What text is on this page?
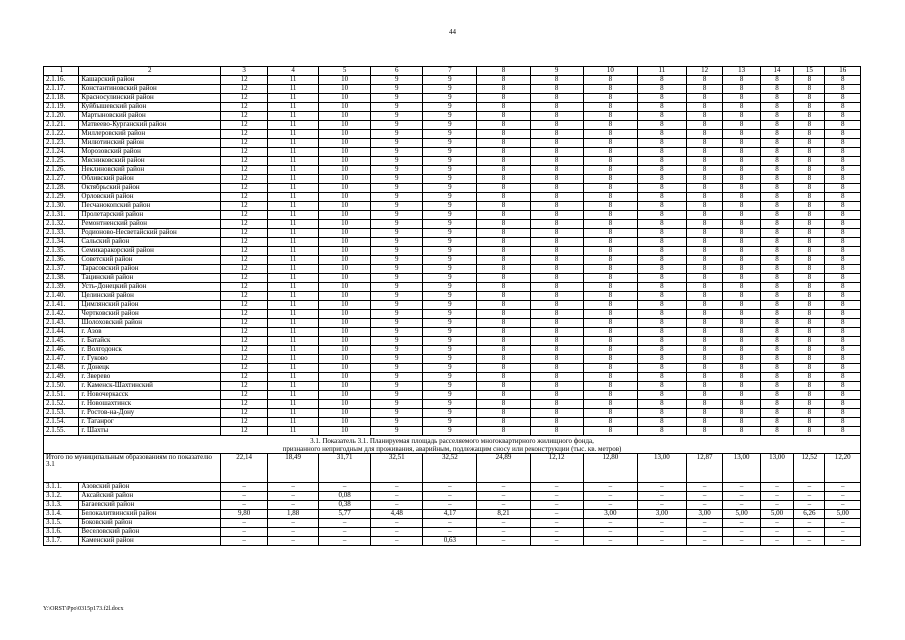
44
1	2	3	4	5	6	7	8	9	10	11	12	13	14	15	16
2.1.16.	Кашарский район	12	11	10	9	9	8	8	8	8	8	8	8	8	8
2.1.17.	Константиновский район	12	11	10	9	9	8	8	8	8	8	8	8	8	8
2.1.18.	Красносулинский район	12	11	10	9	9	8	8	8	8	8	8	8	8	8
2.1.19.	Куйбышевский район	12	11	10	9	9	8	8	8	8	8	8	8	8	8
2.1.20.	Мартыновский район	12	11	10	9	9	8	8	8	8	8	8	8	8	8
2.1.21.	Матвеево-Курганский район	12	11	10	9	9	8	8	8	8	8	8	8	8	8
2.1.22.	Миллеровский район	12	11	10	9	9	8	8	8	8	8	8	8	8	8
2.1.23.	Милютинский район	12	11	10	9	9	8	8	8	8	8	8	8	8	8
2.1.24.	Морозовский район	12	11	10	9	9	8	8	8	8	8	8	8	8	8
2.1.25.	Мясниковский район	12	11	10	9	9	8	8	8	8	8	8	8	8	8
2.1.26.	Неклиновский район	12	11	10	9	9	8	8	8	8	8	8	8	8	8
2.1.27.	Обливский район	12	11	10	9	9	8	8	8	8	8	8	8	8	8
2.1.28.	Октябрьский район	12	11	10	9	9	8	8	8	8	8	8	8	8	8
2.1.29.	Орловский район	12	11	10	9	9	8	8	8	8	8	8	8	8	8
2.1.30.	Песчанокопский район	12	11	10	9	9	8	8	8	8	8	8	8	8	8
2.1.31.	Пролетарский район	12	11	10	9	9	8	8	8	8	8	8	8	8	8
2.1.32.	Ремонтненский район	12	11	10	9	9	8	8	8	8	8	8	8	8	8
2.1.33.	Родионово-Несветайский район	12	11	10	9	9	8	8	8	8	8	8	8	8	8
2.1.34.	Сальский район	12	11	10	9	9	8	8	8	8	8	8	8	8	8
2.1.35.	Семикаракорский район	12	11	10	9	9	8	8	8	8	8	8	8	8	8
2.1.36.	Советский район	12	11	10	9	9	8	8	8	8	8	8	8	8	8
2.1.37.	Тарасовский район	12	11	10	9	9	8	8	8	8	8	8	8	8	8
2.1.38.	Тацинский район	12	11	10	9	9	8	8	8	8	8	8	8	8	8
2.1.39.	Усть-Донецкий район	12	11	10	9	9	8	8	8	8	8	8	8	8	8
2.1.40.	Целинский район	12	11	10	9	9	8	8	8	8	8	8	8	8	8
2.1.41.	Цимлянский район	12	11	10	9	9	8	8	8	8	8	8	8	8	8
2.1.42.	Чертковский район	12	11	10	9	9	8	8	8	8	8	8	8	8	8
2.1.43.	Шолоховский район	12	11	10	9	9	8	8	8	8	8	8	8	8	8
2.1.44.	г. Азов	12	11	10	9	9	8	8	8	8	8	8	8	8	8
2.1.45.	г. Батайск	12	11	10	9	9	8	8	8	8	8	8	8	8	8
2.1.46.	г. Волгодонск	12	11	10	9	9	8	8	8	8	8	8	8	8	8
2.1.47.	г. Гуково	12	11	10	9	9	8	8	8	8	8	8	8	8	8
2.1.48.	г. Донецк	12	11	10	9	9	8	8	8	8	8	8	8	8	8
2.1.49.	г. Зверево	12	11	10	9	9	8	8	8	8	8	8	8	8	8
2.1.50.	г. Каменск-Шахтинский	12	11	10	9	9	8	8	8	8	8	8	8	8	8
2.1.51.	г. Новочеркасск	12	11	10	9	9	8	8	8	8	8	8	8	8	8
2.1.52.	г. Новошахтинск	12	11	10	9	9	8	8	8	8	8	8	8	8	8
2.1.53.	г. Ростов-на-Дону	12	11	10	9	9	8	8	8	8	8	8	8	8	8
2.1.54.	г. Таганрог	12	11	10	9	9	8	8	8	8	8	8	8	8	8
2.1.55.	г. Шахты	12	11	10	9	9	8	8	8	8	8	8	8	8	8

3.1. Показатель 3.1. Планируемая площадь расселяемого многоквартирного жилищного фонда,
признанного непригодным для проживания, аварийным, подлежащим сносу или реконструкции (тыс. кв. метров)															

Итого по муниципальным образованиям по показателю 3.1		22,14	18,49	31,71	32,51	32,52	24,89	12,12	12,80	13,00	12,87	13,00	13,00	12,52	12,20
3.1.1.	Азовский район	–	–	–	–	–	–	–	–	–	–	–	–	–	–
3.1.2.	Аксайский район	–	–	0,08	–	–	–	–	–	–	–	–	–	–	–
3.1.3.	Багаевский район	–	–	0,38	–	–	–	–	–	–	–	–	–	–	–
3.1.4.	Белокалитвинский район	9,80	1,88	5,77	4,48	4,17	8,21	–	3,00	3,00	3,00	5,00	5,00	6,26	5,00
3.1.5.	Боковский район	–	–	–	–	–	–	–	–	–	–	–	–	–	–
3.1.6.	Веселовский район	–	–	–	–	–	–	–	–	–	–	–	–	–	–
3.1.7.	Каменский район	–	–	–	–	0,63	–	–	–	–	–	–	–	–	–
Y:\ORST\Ppo\0315p173.f2l.docx
